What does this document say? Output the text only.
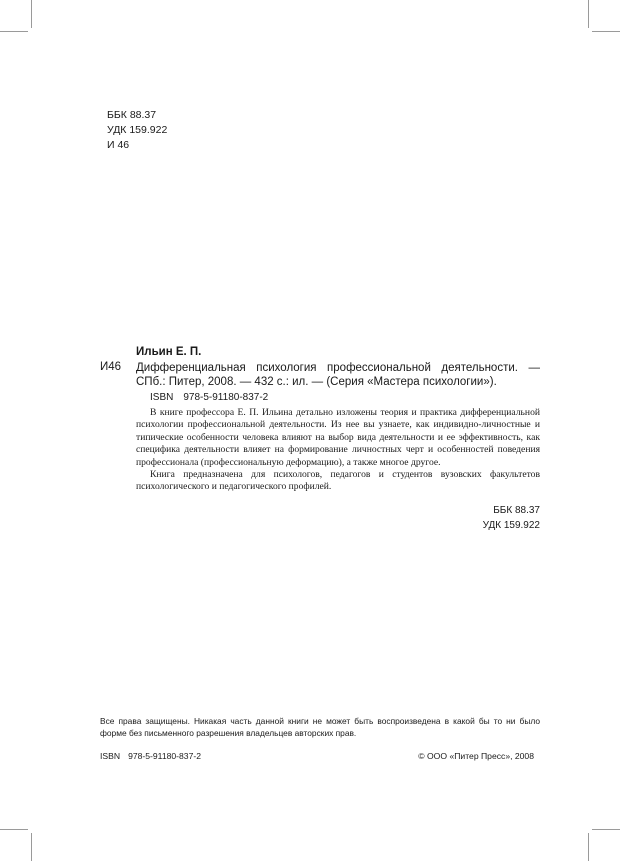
ББК 88.37
УДК 159.922
И 46
Ильин Е. П.
И46 Дифференциальная психология профессиональной деятельности. — СПб.: Питер, 2008. — 432 с.: ил. — (Серия «Мастера психологии»).
ISBN 978-5-91180-837-2

В книге профессора Е. П. Ильина детально изложены теория и практика дифференциальной психологии профессиональной деятельности. Из нее вы узнаете, как индивидно-личностные и типические особенности человека влияют на выбор вида деятельности и ее эффективность, как специфика деятельности влияет на формирование личностных черт и особенностей поведения профессионала (профессиональную деформацию), а также многое другое.

Книга предназначена для психологов, педагогов и студентов вузовских факультетов психологического и педагогического профилей.

ББК 88.37
УДК 159.922
Все права защищены. Никакая часть данной книги не может быть воспроизведена в какой бы то ни было форме без письменного разрешения владельцев авторских прав.
ISBN 978-5-91180-837-2	© ООО «Питер Пресс», 2008
